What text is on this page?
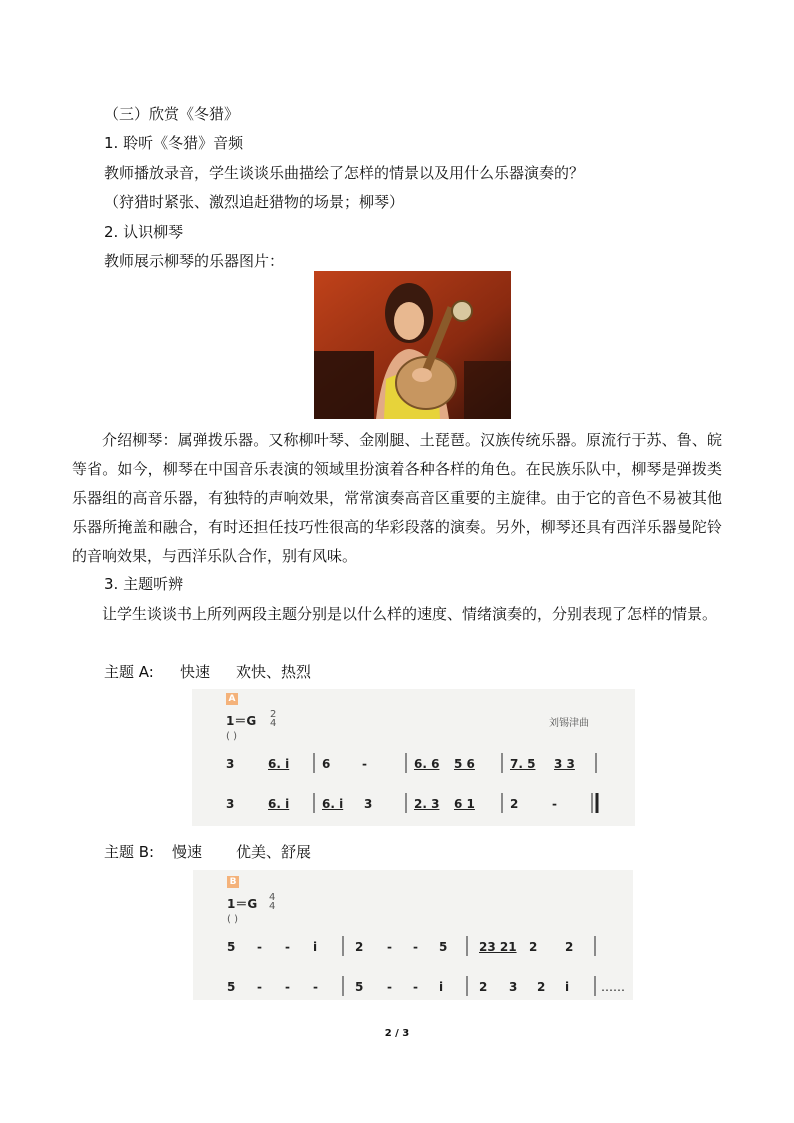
（三）欣赏《冬猎》
1. 聆听《冬猎》音频
教师播放录音，学生谈谈乐曲描绘了怎样的情景以及用什么乐器演奏的？
（狩猎时紧张、激烈追赶猎物的场景；柳琴）
2. 认识柳琴
教师展示柳琴的乐器图片：
介绍柳琴：属弹拨乐器。又称柳叶琴、金刚腿、土琵琶。汉族传统乐器。原流行于苏、鲁、皖等省。如今，柳琴在中国音乐表演的领域里扮演着各种各样的角色。在民族乐队中，柳琴是弹拨类乐器组的高音乐器，有独特的声响效果，常常演奏高音区重要的主旋律。由于它的音色不易被其他乐器所掩盖和融合，有时还担任技巧性很高的华彩段落的演奏。另外，柳琴还具有西洋乐器曼陀铃的音响效果，与西洋乐队合作，别有风味。
3. 主题听辨
让学生谈谈书上所列两段主题分别是以什么样的速度、情绪演奏的，分别表现了怎样的情景。
主题 A: 快速 欢快、热烈
A
1＝G 2
4	刘锡津曲
( )
3	6. i	6	-	6. 6 5 6	7. 5 3 3
3	6. i	6. i 3	2. 3 6 1	2	-
主题 B: 慢速 优美、舒展
B
1＝G 4
4
( )
5 - - i	2 - - 5	23 21 2 2
5 - - -	5 - - i	2 3 2 i	……
2 / 3
